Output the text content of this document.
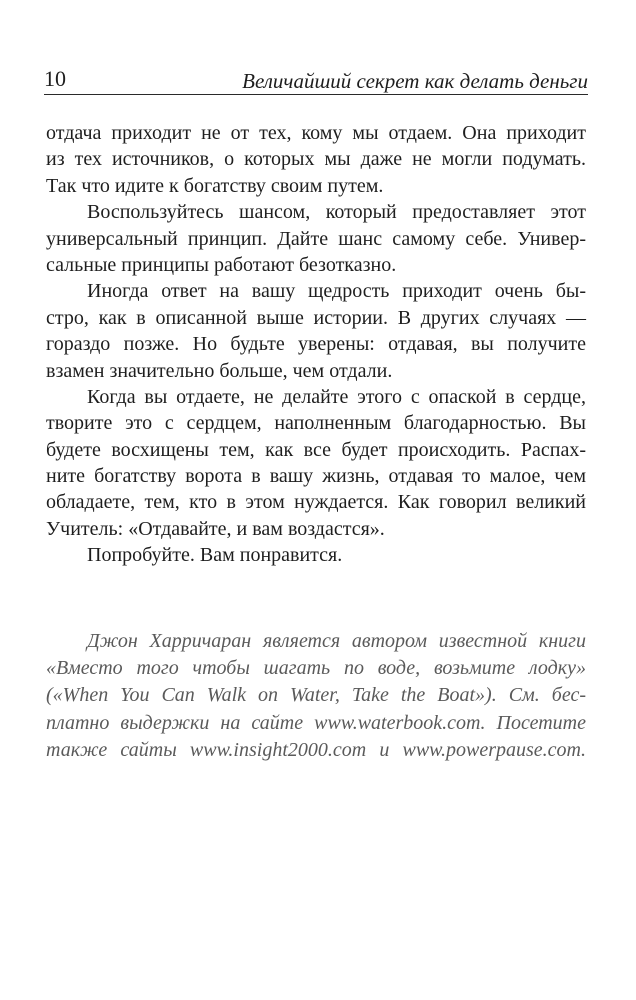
10	Величайший секрет как делать деньги
отдача приходит не от тех, кому мы отдаем. Она приходит
из тех источников, о которых мы даже не могли подумать.
Так что идите к богатству своим путем.
Воспользуйтесь шансом, который предоставляет этот
универсальный принцип. Дайте шанс самому себе. Универ-
сальные принципы работают безотказно.
Иногда ответ на вашу щедрость приходит очень бы-
стро, как в описанной выше истории. В других случаях —
гораздо позже. Но будьте уверены: отдавая, вы получите
взамен значительно больше, чем отдали.
Когда вы отдаете, не делайте этого с опаской в сердце,
творите это с сердцем, наполненным благодарностью. Вы
будете восхищены тем, как все будет происходить. Распах-
ните богатству ворота в вашу жизнь, отдавая то малое, чем
обладаете, тем, кто в этом нуждается. Как говорил великий
Учитель: «Отдавайте, и вам воздастся».
Попробуйте. Вам понравится.
Джон Харричаран является автором известной книги
«Вместо того чтобы шагать по воде, возьмите лодку»
(«When You Can Walk on Water, Take the Boat»). См. бес-
платно выдержки на сайте www.waterbook.com. Посетите
также сайты www.insight2000.com и www.powerpause.com.
